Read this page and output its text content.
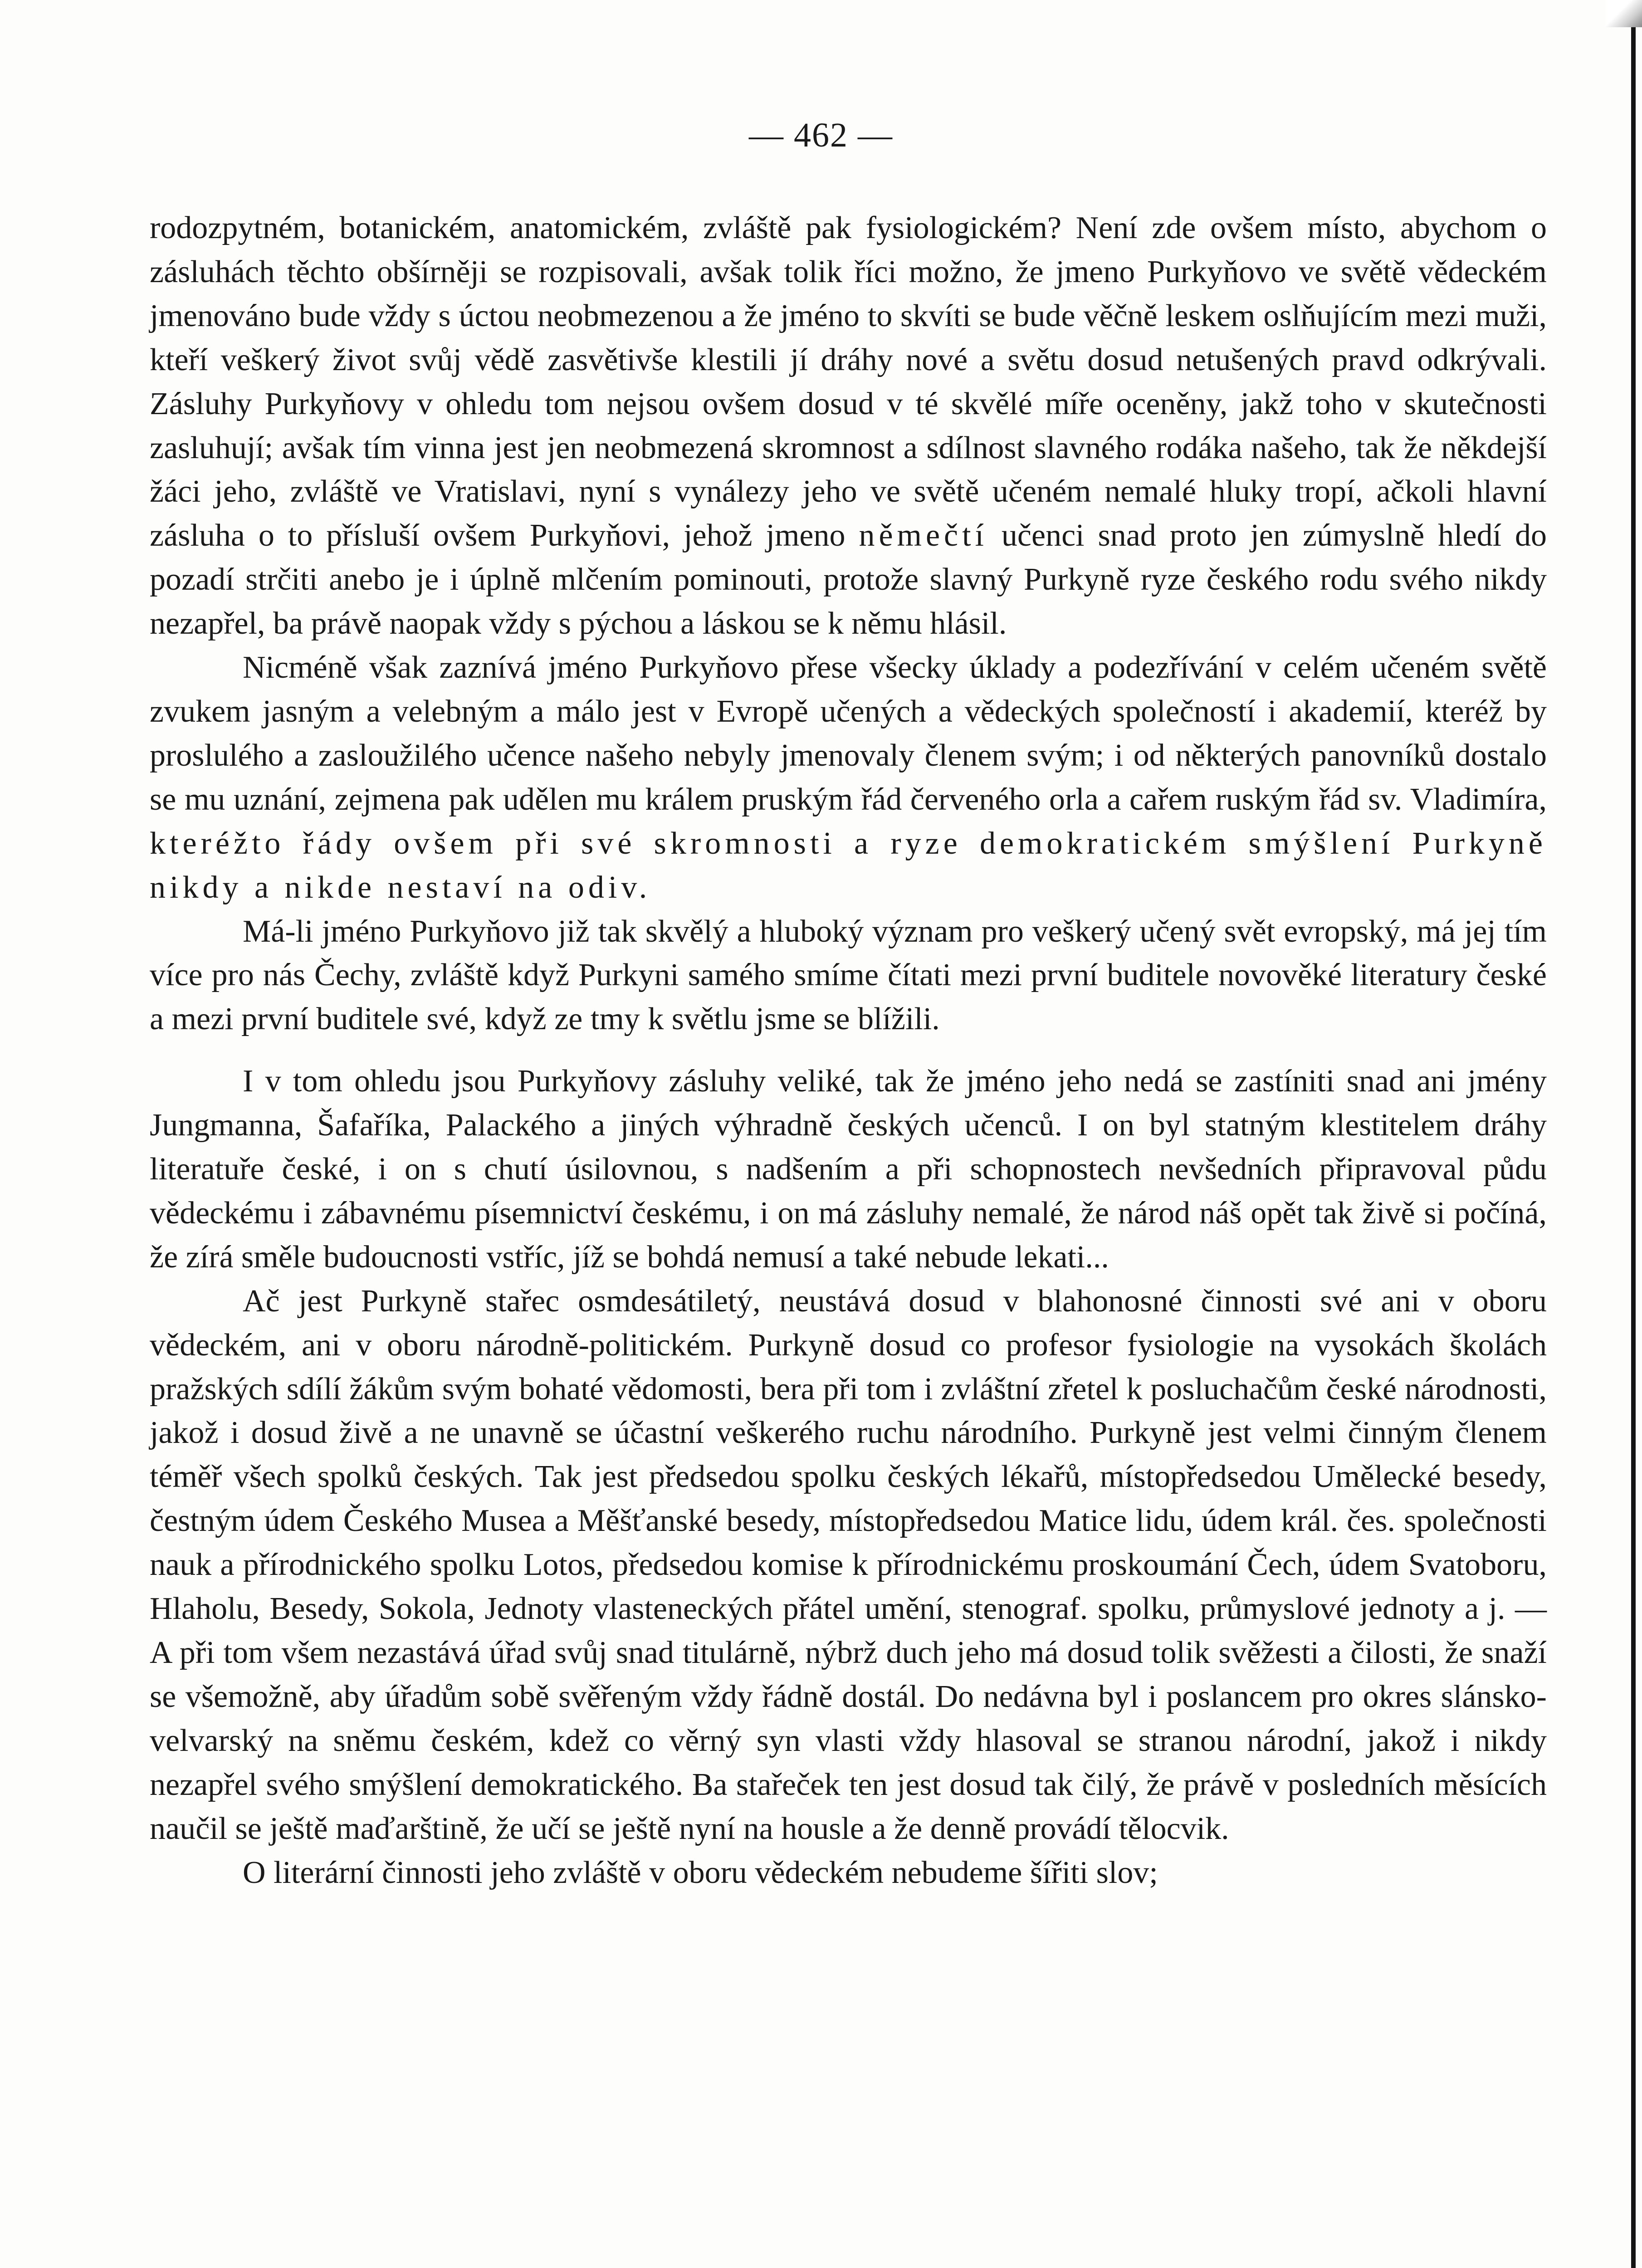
— 462 —

rodozpytném, botanickém, anatomickém, zvláště pak fysiologickém? Není zde ovšem místo, abychom o zásluhách těchto obšírněji se rozpisovali, avšak tolik říci možno, že jmeno Purkyňovo ve světě vědeckém jmenováno bude vždy s úctou neobmezenou a že jméno to skvíti se bude věčně leskem oslňujícím mezi muži, kteří veškerý život svůj vědě zasvětivše klestili jí dráhy nové a světu dosud netušených pravd odkrývali. Zásluhy Purkyňovy v ohledu tom nejsou ovšem dosud v té skvělé míře oceněny, jakž toho v skutečnosti zasluhují; avšak tím vinna jest jen neobmezená skromnost a sdílnost slavného rodáka našeho, tak že někdejší žáci jeho, zvláště ve Vratislavi, nyní s vynálezy jeho ve světě učeném nemalé hluky tropí, ačkoli hlavní zásluha o to přísluší ovšem Purkyňovi, jehož jmeno němečtí učenci snad proto jen zúmyslně hledí do pozadí strčiti anebo je i úplně mlčením pominouti, protože slavný Purkyně ryze českého rodu svého nikdy nezapřel, ba právě naopak vždy s pýchou a láskou se k němu hlásil.

Nicméně však zaznívá jméno Purkyňovo přese všecky úklady a podezřívání v celém učeném světě zvukem jasným a velebným a málo jest v Evropě učených a vědeckých společností i akademií, kteréž by proslulého a zasloužilého učence našeho nebyly jmenovaly členem svým; i od některých panovníků dostalo se mu uznání, zejmena pak udělen mu králem pruským řád červeného orla a cařem ruským řád sv. Vladimíra, kteréžto řády ovšem při své skromnosti a ryze demokratickém smýšlení Purkyně nikdy a nikde nestaví na odiv.

Má-li jméno Purkyňovo již tak skvělý a hluboký význam pro veškerý učený svět evropský, má jej tím více pro nás Čechy, zvláště když Purkyni samého smíme čítati mezi první buditele novověké literatury české a mezi první buditele své, když ze tmy k světlu jsme se blížili.

I v tom ohledu jsou Purkyňovy zásluhy veliké, tak že jméno jeho nedá se zastíniti snad ani jmény Jungmanna, Šafaříka, Palackého a jiných výhradně českých učenců. I on byl statným klestitelem dráhy literatuře české, i on s chutí úsilovnou, s nadšením a při schopnostech nevšedních připravoval půdu vědeckému i zábavnému písemnictví českému, i on má zásluhy nemalé, že národ náš opět tak živě si počíná, že zírá směle budoucnosti vstříc, jíž se bohdá nemusí a také nebude lekati...

Ač jest Purkyně stařec osmdesátiletý, neustává dosud v blahonosné činnosti své ani v oboru vědeckém, ani v oboru národně-politickém. Purkyně dosud co profesor fysiologie na vysokách školách pražských sdílí žákům svým bohaté vědomosti, bera při tom i zvláštní zřetel k posluchačům české národnosti, jakož i dosud živě a ne unavně se účastní veškerého ruchu národního. Purkyně jest velmi činným členem téměř všech spolků českých. Tak jest předsedou spolku českých lékařů, místopředsedou Umělecké besedy, čestným údem Českého Musea a Měšťanské besedy, místopředsedou Matice lidu, údem král. čes. společnosti nauk a přírodnického spolku Lotos, předsedou komise k přírodnickému proskoumání Čech, údem Svatoboru, Hlaholu, Besedy, Sokola, Jednoty vlasteneckých přátel umění, stenograf. spolku, průmyslové jednoty a j. — A při tom všem nezastává úřad svůj snad titulárně, nýbrž duch jeho má dosud tolik svěžesti a čilosti, že snaží se všemožně, aby úřadům sobě svěřeným vždy řádně dostál. Do nedávna byl i poslancem pro okres slánsko-velvarský na sněmu českém, kdež co věrný syn vlasti vždy hlasoval se stranou národní, jakož i nikdy nezapřel svého smýšlení demokratického. Ba stařeček ten jest dosud tak čilý, že právě v posledních měsících naučil se ještě maďarštině, že učí se ještě nyní na housle a že denně provádí tělocvik.

O literární činnosti jeho zvláště v oboru vědeckém nebudeme šířiti slov;
